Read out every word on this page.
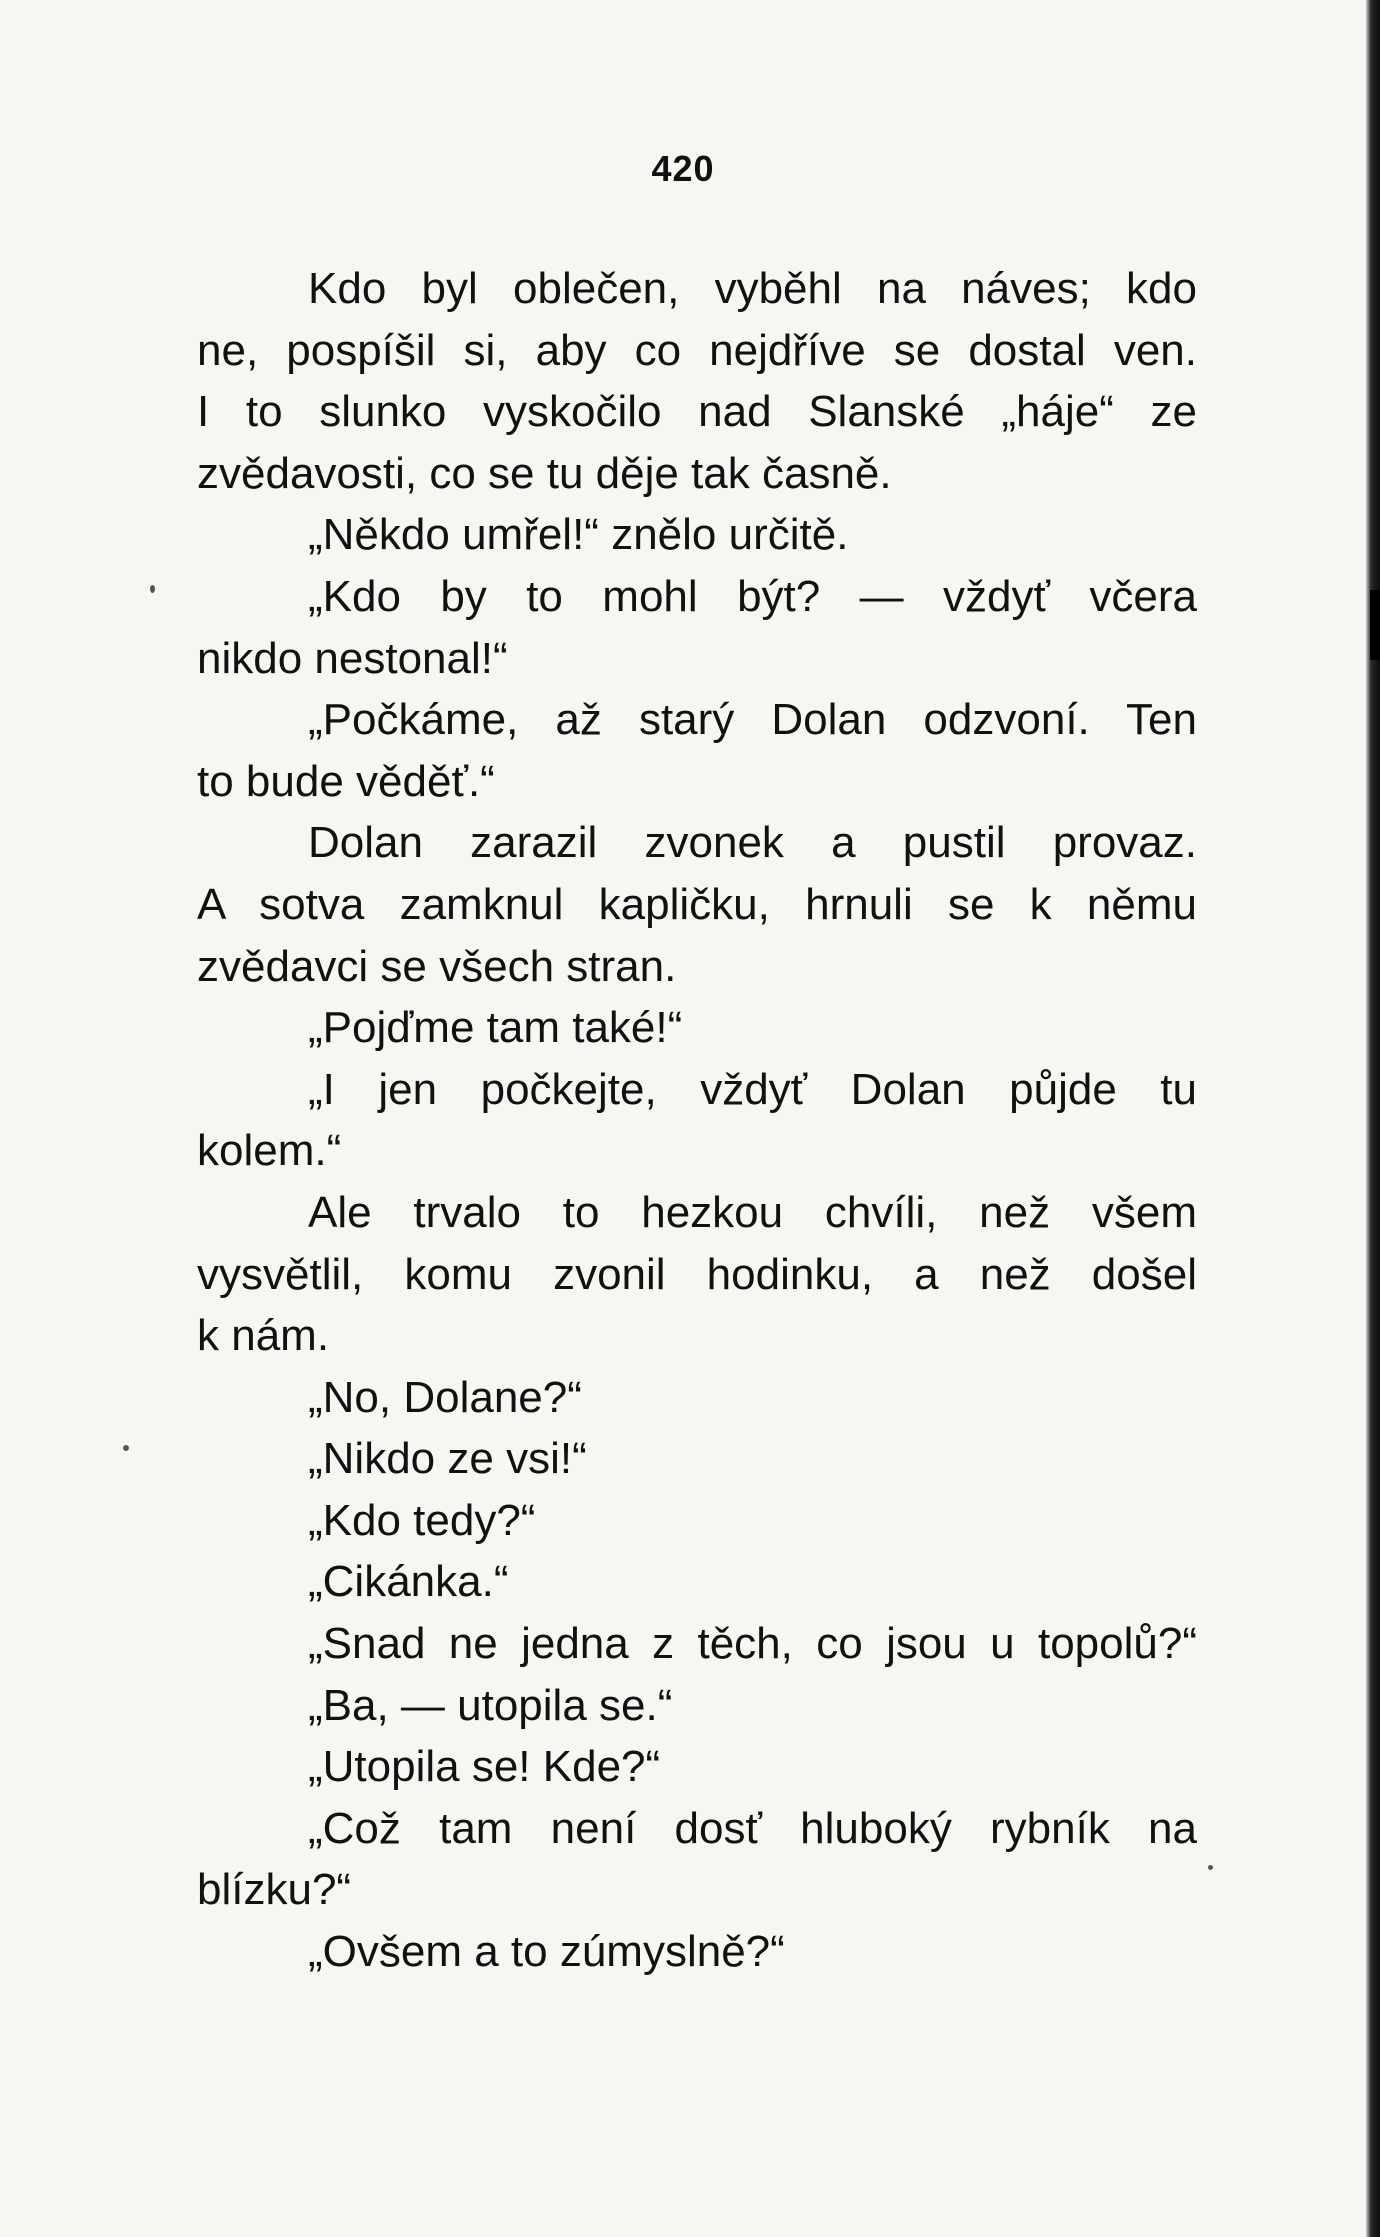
420
Kdo byl oblečen, vyběhl na náves; kdo
ne, pospíšil si, aby co nejdříve se dostal ven.
I to slunko vyskočilo nad Slanské „háje“ ze
zvědavosti, co se tu děje tak časně.
„Někdo umřel!“ znělo určitě.
„Kdo by to mohl být? — vždyť včera
nikdo nestonal!“
„Počkáme, až starý Dolan odzvoní. Ten
to bude věděť.“
Dolan zarazil zvonek a pustil provaz.
A sotva zamknul kapličku, hrnuli se k němu
zvědavci se všech stran.
„Pojďme tam také!“
„I jen počkejte, vždyť Dolan půjde tu
kolem.“
Ale trvalo to hezkou chvíli, než všem
vysvětlil, komu zvonil hodinku, a než došel
k nám.
„No, Dolane?“
„Nikdo ze vsi!“
„Kdo tedy?“
„Cikánka.“
„Snad ne jedna z těch, co jsou u topolů?“
„Ba, — utopila se.“
„Utopila se! Kde?“
„Což tam není dosť hluboký rybník na
blízku?“
„Ovšem a to zúmyslně?“
